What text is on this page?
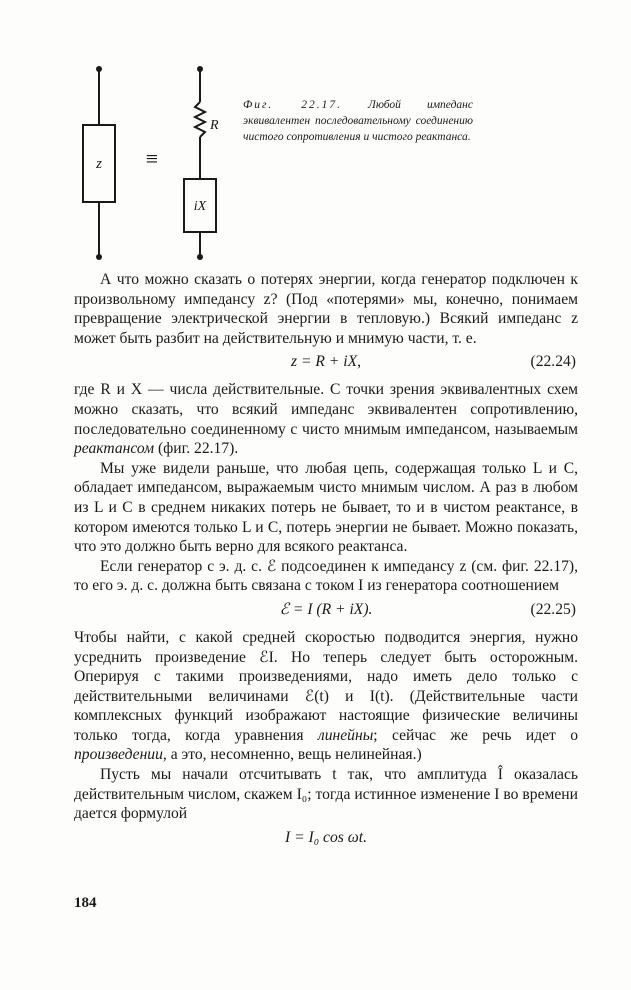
z ≡
R
iX
Фиг. 22.17. Любой импеданс эквивалентен последовательному соединению чистого сопротивления и чистого реактанса.

А что можно сказать о потерях энергии, когда генератор подключен к произвольному импедансу z? (Под «потерями» мы, конечно, понимаем превращение электрической энергии в тепловую.) Всякий импеданс z может быть разбит на действительную и мнимую части, т. е.

z = R + iX,	(22.24)

где R и X — числа действительные. С точки зрения эквивалентных схем можно сказать, что всякий импеданс эквивалентен сопротивлению, последовательно соединенному с чисто мнимым импедансом, называемым реактансом (фиг. 22.17).

Мы уже видели раньше, что любая цепь, содержащая только L и C, обладает импедансом, выражаемым чисто мнимым числом. А раз в любом из L и C в среднем никаких потерь не бывает, то и в чистом реактансе, в котором имеются только L и C, потерь энергии не бывает. Можно показать, что это должно быть верно для всякого реактанса.

Если генератор с э. д. с. ℰ подсоединен к импедансу z (см. фиг. 22.17), то его э. д. с. должна быть связана с током I из генератора соотношением

ℰ = I (R + iX).	(22.25)

Чтобы найти, с какой средней скоростью подводится энергия, нужно усреднить произведение ℰI. Но теперь следует быть осторожным. Оперируя с такими произведениями, надо иметь дело только с действительными величинами ℰ(t) и I(t). (Действительные части комплексных функций изображают настоящие физические величины только тогда, когда уравнения линейны; сейчас же речь идет о произведении, а это, несомненно, вещь нелинейная.)

Пусть мы начали отсчитывать t так, что амплитуда Î оказалась действительным числом, скажем I₀; тогда истинное изменение I во времени дается формулой

I = I₀ cos ωt.
184
